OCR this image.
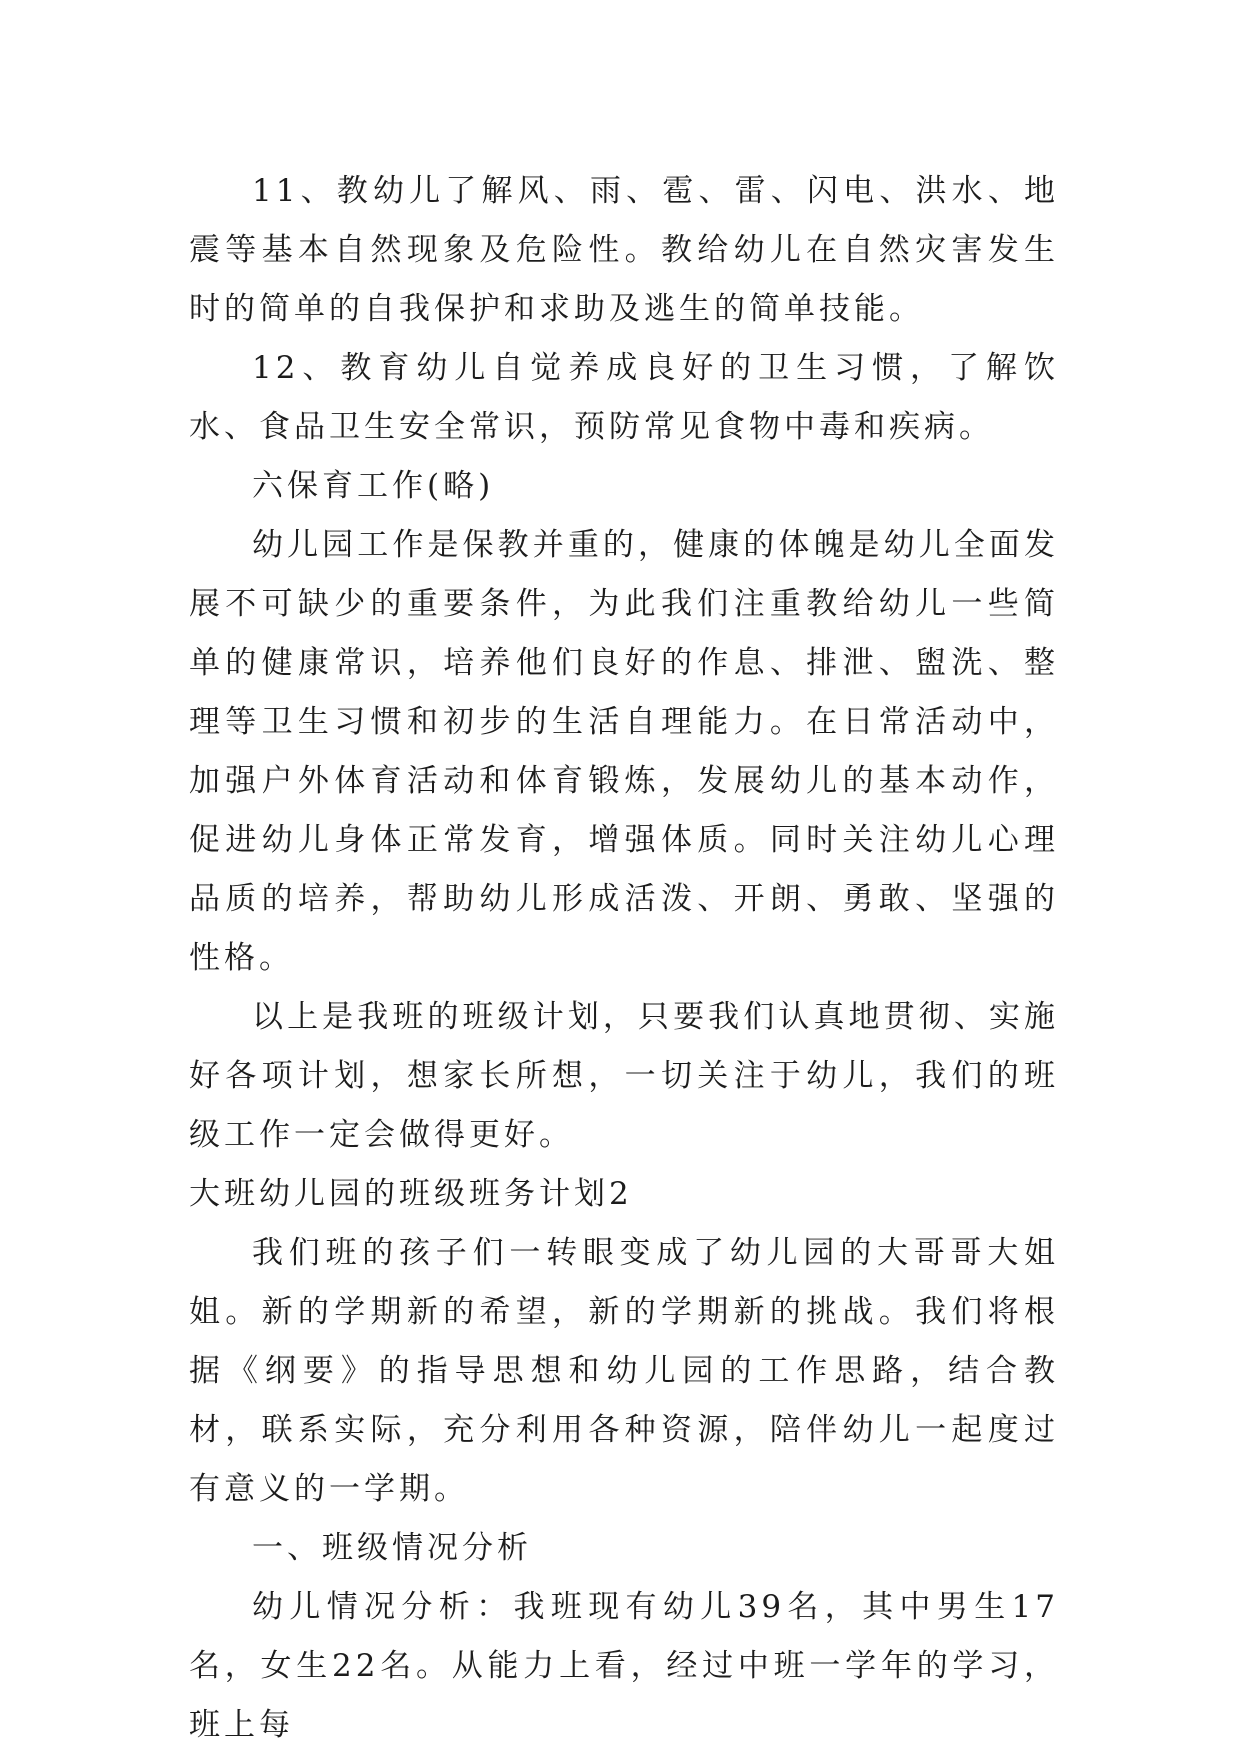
11、教幼儿了解风、雨、雹、雷、闪电、洪水、地震等基本自然现象及危险性。教给幼儿在自然灾害发生时的简单的自我保护和求助及逃生的简单技能。

12、教育幼儿自觉养成良好的卫生习惯，了解饮水、食品卫生安全常识，预防常见食物中毒和疾病。

六保育工作(略)

幼儿园工作是保教并重的，健康的体魄是幼儿全面发展不可缺少的重要条件，为此我们注重教给幼儿一些简单的健康常识，培养他们良好的作息、排泄、盥洗、整理等卫生习惯和初步的生活自理能力。在日常活动中，加强户外体育活动和体育锻炼，发展幼儿的基本动作，促进幼儿身体正常发育，增强体质。同时关注幼儿心理品质的培养，帮助幼儿形成活泼、开朗、勇敢、坚强的性格。

以上是我班的班级计划，只要我们认真地贯彻、实施好各项计划，想家长所想，一切关注于幼儿，我们的班级工作一定会做得更好。

大班幼儿园的班级班务计划2

我们班的孩子们一转眼变成了幼儿园的大哥哥大姐姐。新的学期新的希望，新的学期新的挑战。我们将根据《纲要》的指导思想和幼儿园的工作思路，结合教材，联系实际，充分利用各种资源，陪伴幼儿一起度过有意义的一学期。

一、班级情况分析

幼儿情况分析：我班现有幼儿39名，其中男生17名，女生22名。从能力上看，经过中班一学年的学习，班上每
